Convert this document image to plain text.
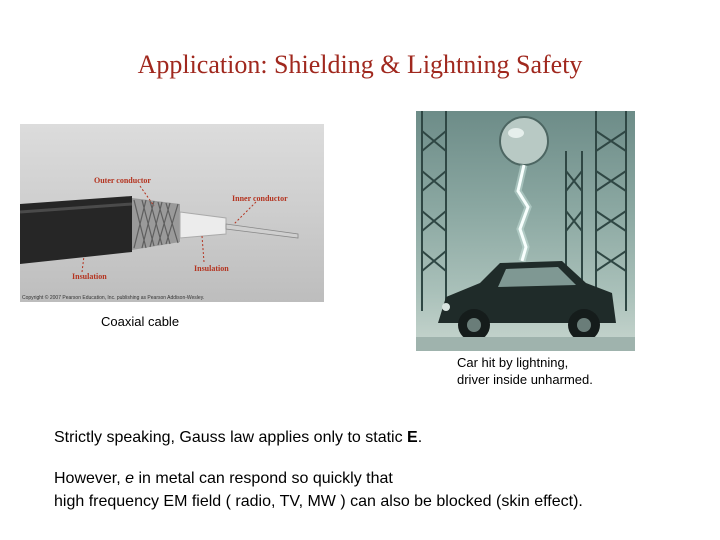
Application: Shielding & Lightning Safety
Outer conductor
Inner conductor
Insulation
Insulation
Copyright © 2007 Pearson Education, Inc. publishing as Pearson Addison-Wesley.
Coaxial cable
Car hit by lightning,
driver inside unharmed.
Strictly speaking, Gauss law applies only to static E.
However, e in metal can respond so quickly that
high frequency EM field ( radio, TV, MW ) can also be blocked (skin effect).
